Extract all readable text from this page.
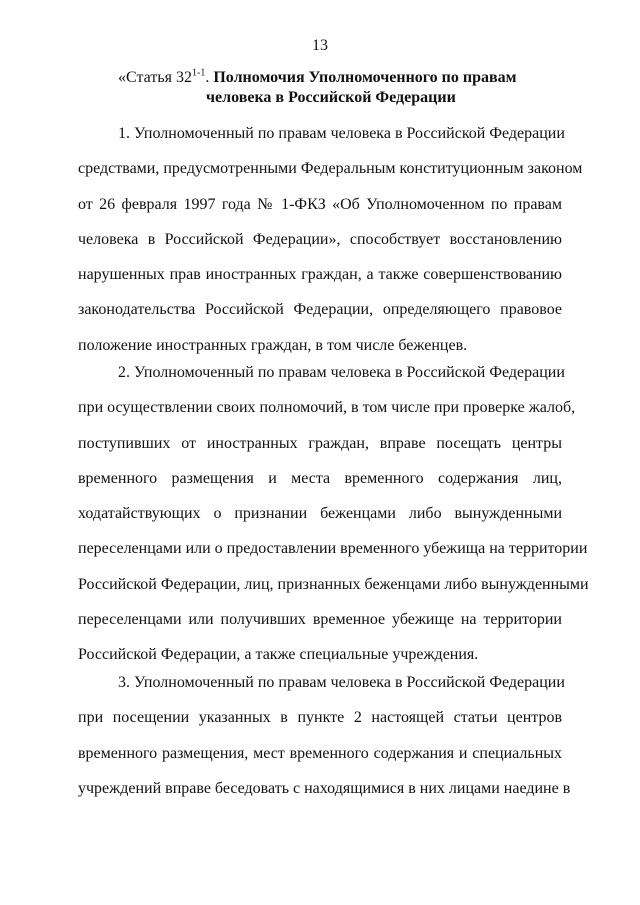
13
«Статья 32$^{1-1}$. Полномочия Уполномоченного по правам
человека в Российской Федерации
1. Уполномоченный по правам человека в Российской Федерации
средствами, предусмотренными Федеральным конституционным законом
от 26 февраля 1997 года № 1-ФКЗ «Об Уполномоченном по правам
человека в Российской Федерации», способствует восстановлению
нарушенных прав иностранных граждан, а также совершенствованию
законодательства Российской Федерации, определяющего правовое
положение иностранных граждан, в том числе беженцев.
2. Уполномоченный по правам человека в Российской Федерации
при осуществлении своих полномочий, в том числе при проверке жалоб,
поступивших от иностранных граждан, вправе посещать центры
временного размещения и места временного содержания лиц,
ходатайствующих о признании беженцами либо вынужденными
переселенцами или о предоставлении временного убежища на территории
Российской Федерации, лиц, признанных беженцами либо вынужденными
переселенцами или получивших временное убежище на территории
Российской Федерации, а также специальные учреждения.
3. Уполномоченный по правам человека в Российской Федерации
при посещении указанных в пункте 2 настоящей статьи центров
временного размещения, мест временного содержания и специальных
учреждений вправе беседовать с находящимися в них лицами наедине в
